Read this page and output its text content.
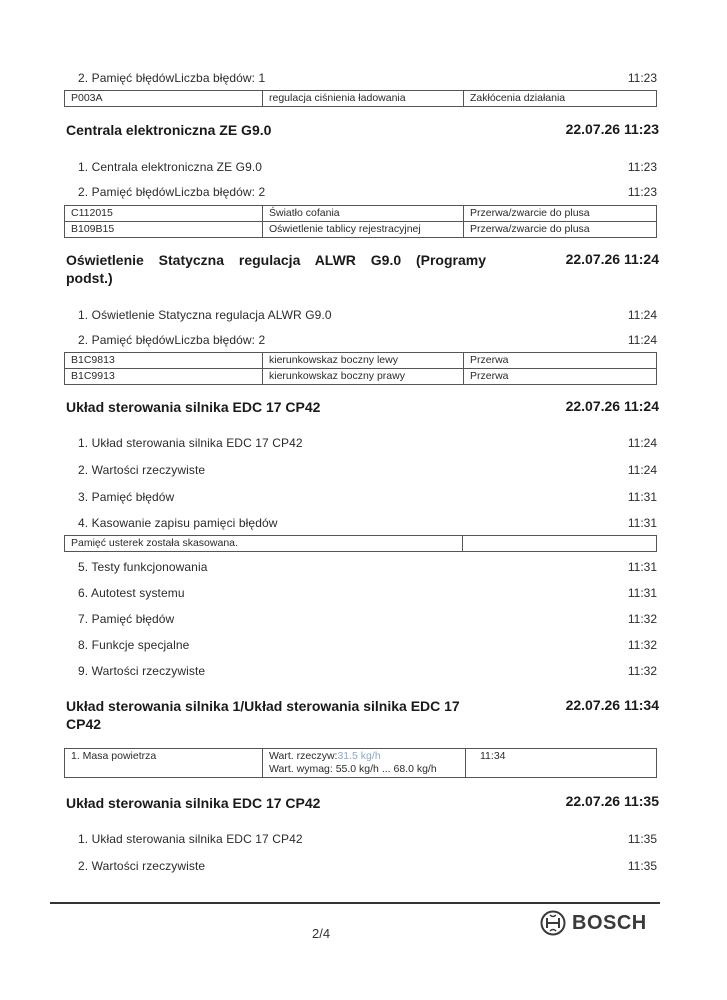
2. Pamięć błędówLiczba błędów: 1	11:23
P003A	regulacja ciśnienia ładowania	Zakłócenia działania
Centrala elektroniczna ZE G9.0	22.07.26 11:23
1. Centrala elektroniczna ZE G9.0	11:23
2. Pamięć błędówLiczba błędów: 2	11:23
C112015	Światło cofania	Przerwa/zwarcie do plusa
B109B15	Oświetlenie tablicy rejestracyjnej	Przerwa/zwarcie do plusa
Oświetlenie Statyczna regulacja ALWR G9.0 (Programy
podst.)
22.07.26 11:24
1. Oświetlenie Statyczna regulacja ALWR G9.0	11:24
2. Pamięć błędówLiczba błędów: 2	11:24
B1C9813	kierunkowskaz boczny lewy	Przerwa
B1C9913	kierunkowskaz boczny prawy	Przerwa
Układ sterowania silnika EDC 17 CP42	22.07.26 11:24
1. Układ sterowania silnika EDC 17 CP42	11:24
2. Wartości rzeczywiste	11:24
3. Pamięć błędów	11:31
4. Kasowanie zapisu pamięci błędów	11:31
Pamięć usterek została skasowana.	
5. Testy funkcjonowania	11:31
6. Autotest systemu	11:31
7. Pamięć błędów	11:32
8. Funkcje specjalne	11:32
9. Wartości rzeczywiste	11:32
Układ sterowania silnika 1/Układ sterowania silnika EDC 17
CP42
22.07.26 11:34
1. Masa powietrza	Wart. rzeczyw:31.5 kg/h
Wart. wymag: 55.0 kg/h ... 68.0 kg/h
	11:34
Układ sterowania silnika EDC 17 CP42	22.07.26 11:35
1. Układ sterowania silnika EDC 17 CP42	11:35
2. Wartości rzeczywiste	11:35
2/4	BOSCH
